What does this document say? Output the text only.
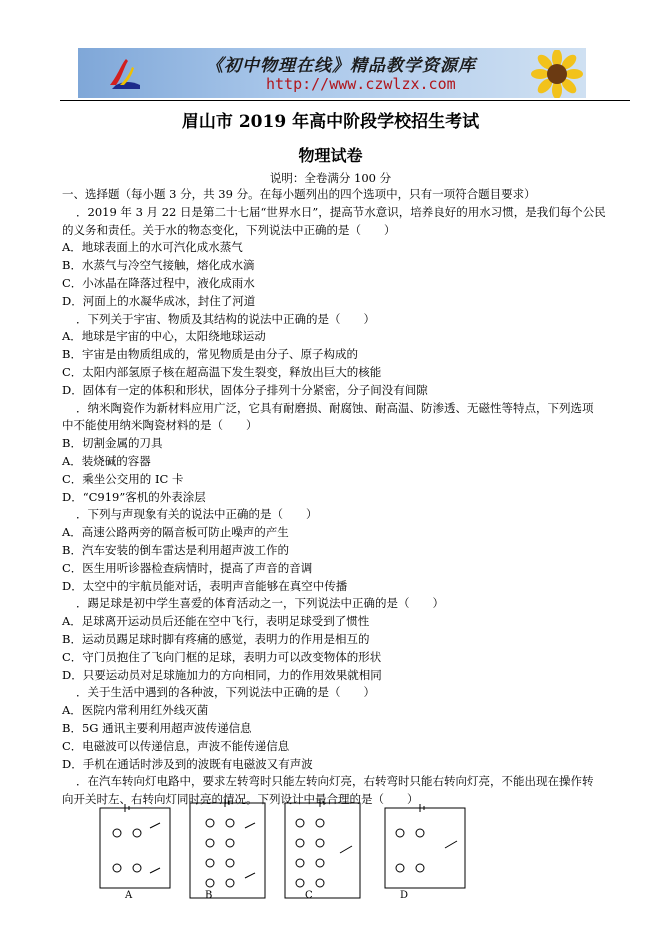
《初中物理在线》精品教学资源库
http://www.czwlzx.com
眉山市 2019 年高中阶段学校招生考试
物理试卷
说明：全卷满分 100 分
一、选择题（每小题 3 分，共 39 分。在每小题列出的四个选项中，只有一项符合题目要求）
．2019 年 3 月 22 日是第二十七届“世界水日”，提高节水意识，培养良好的用水习惯，是我们每个公民
的义务和责任。关于水的物态变化，下列说法中正确的是（　　）
A．地球表面上的水可汽化成水蒸气
B．水蒸气与冷空气接触，熔化成水滴
C．小冰晶在降落过程中，液化成雨水
D．河面上的水凝华成冰，封住了河道
．下列关于宇宙、物质及其结构的说法中正确的是（　　）
A．地球是宇宙的中心，太阳绕地球运动
B．宇宙是由物质组成的，常见物质是由分子、原子构成的
C．太阳内部氢原子核在超高温下发生裂变，释放出巨大的核能
D．固体有一定的体积和形状，固体分子排列十分紧密，分子间没有间隙
．纳米陶瓷作为新材料应用广泛，它具有耐磨损、耐腐蚀、耐高温、防渗透、无磁性等特点，下列选项
中不能使用纳米陶瓷材料的是（　　）
B．切割金属的刀具
A．装烧碱的容器
C．乘坐公交用的 IC 卡
D．“C919”客机的外表涂层
．下列与声现象有关的说法中正确的是（　　）
A．高速公路两旁的隔音板可防止噪声的产生
B．汽车安装的倒车雷达是利用超声波工作的
C．医生用听诊器检查病情时，提高了声音的音调
D．太空中的宇航员能对话，表明声音能够在真空中传播
．踢足球是初中学生喜爱的体育活动之一，下列说法中正确的是（　　）
A．足球离开运动员后还能在空中飞行，表明足球受到了惯性
B．运动员踢足球时脚有疼痛的感觉，表明力的作用是相互的
C．守门员抱住了飞向门框的足球，表明力可以改变物体的形状
D．只要运动员对足球施加力的方向相同，力的作用效果就相同
．关于生活中遇到的各种波，下列说法中正确的是（　　）
A．医院内常利用红外线灭菌
B．5G 通讯主要利用超声波传递信息
C．电磁波可以传递信息，声波不能传递信息
D．手机在通话时涉及到的波既有电磁波又有声波
．在汽车转向灯电路中，要求左转弯时只能左转向灯亮，右转弯时只能右转向灯亮，不能出现在操作转
向开关时左、右转向灯同时亮的情况。下列设计中最合理的是（　　）
A	B	C	D
